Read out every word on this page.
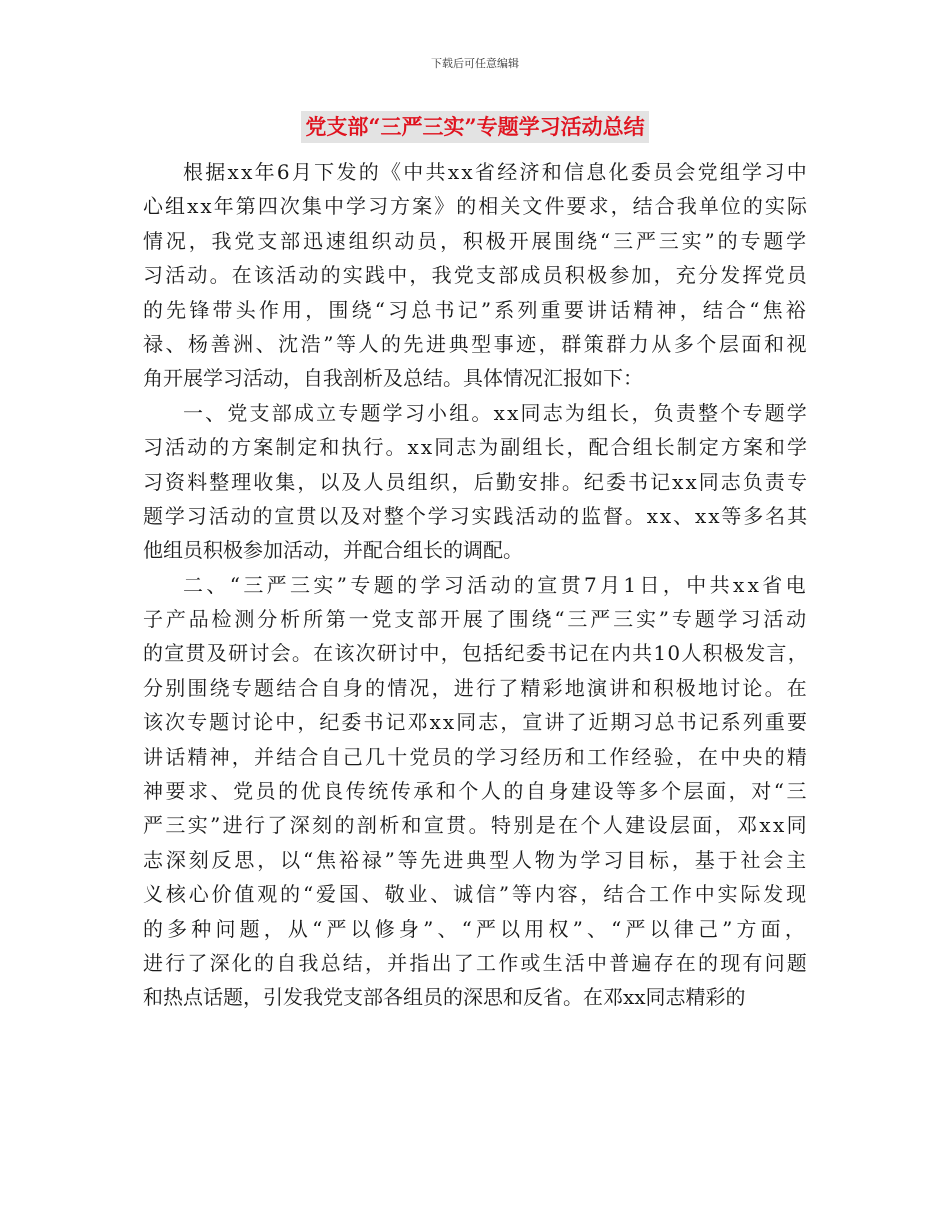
下载后可任意编辑
党支部“三严三实”专题学习活动总结
根据xx年6月下发的《中共xx省经济和信息化委员会党组学习中
心组xx年第四次集中学习方案》的相关文件要求，结合我单位的实际
情况，我党支部迅速组织动员，积极开展围绕“三严三实”的专题学
习活动。在该活动的实践中，我党支部成员积极参加，充分发挥党员
的先锋带头作用，围绕“习总书记”系列重要讲话精神，结合“焦裕
禄、杨善洲、沈浩”等人的先进典型事迹，群策群力从多个层面和视
角开展学习活动，自我剖析及总结。具体情况汇报如下：
一、党支部成立专题学习小组。xx同志为组长，负责整个专题学
习活动的方案制定和执行。xx同志为副组长，配合组长制定方案和学
习资料整理收集，以及人员组织，后勤安排。纪委书记xx同志负责专
题学习活动的宣贯以及对整个学习实践活动的监督。xx、xx等多名其
他组员积极参加活动，并配合组长的调配。
二、“三严三实”专题的学习活动的宣贯7月1日，中共xx省电
子产品检测分析所第一党支部开展了围绕“三严三实”专题学习活动
的宣贯及研讨会。在该次研讨中，包括纪委书记在内共10人积极发言，
分别围绕专题结合自身的情况，进行了精彩地演讲和积极地讨论。在
该次专题讨论中，纪委书记邓xx同志，宣讲了近期习总书记系列重要
讲话精神，并结合自己几十党员的学习经历和工作经验，在中央的精
神要求、党员的优良传统传承和个人的自身建设等多个层面，对“三
严三实”进行了深刻的剖析和宣贯。特别是在个人建设层面，邓xx同
志深刻反思，以“焦裕禄”等先进典型人物为学习目标，基于社会主
义核心价值观的“爱国、敬业、诚信”等内容，结合工作中实际发现
的多种问题，从“严以修身”、“严以用权”、“严以律己”方面，
进行了深化的自我总结，并指出了工作或生活中普遍存在的现有问题
和热点话题，引发我党支部各组员的深思和反省。在邓xx同志精彩的
